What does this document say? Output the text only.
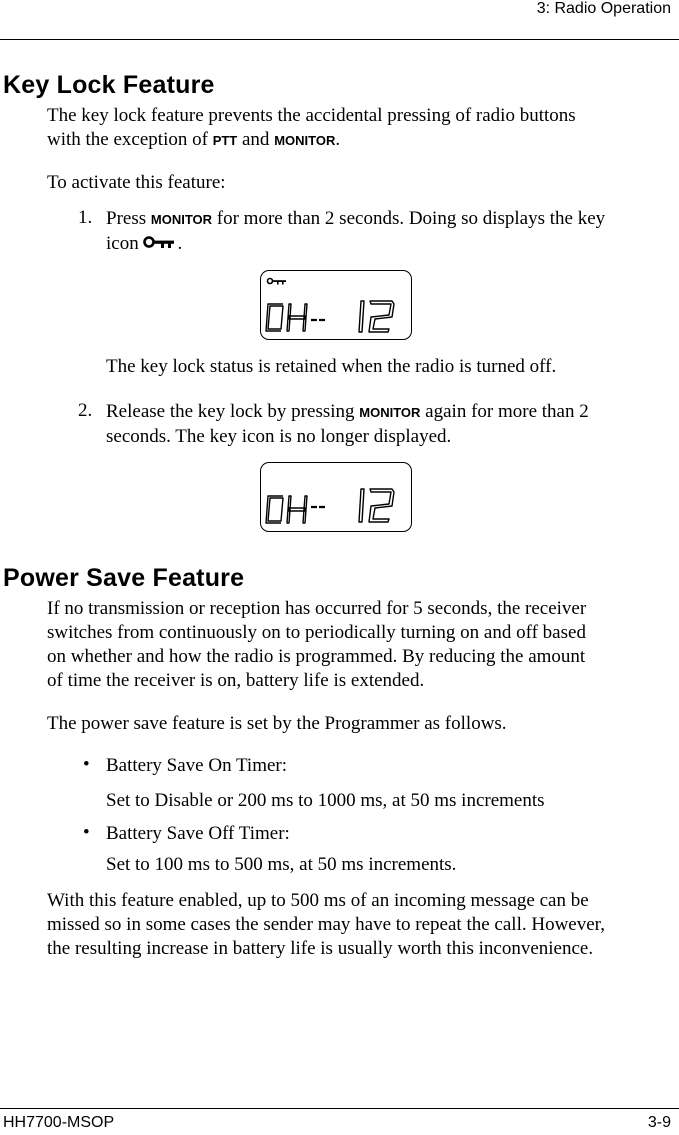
3: Radio Operation
Key Lock Feature
The key lock feature prevents the accidental pressing of radio buttons
with the exception of PTT and MONITOR.
To activate this feature:
1. Press MONITOR for more than 2 seconds. Doing so displays the key
icon .
The key lock status is retained when the radio is turned off.
2. Release the key lock by pressing MONITOR again for more than 2
seconds. The key icon is no longer displayed.
Power Save Feature
If no transmission or reception has occurred for 5 seconds, the receiver
switches from continuously on to periodically turning on and off based
on whether and how the radio is programmed. By reducing the amount
of time the receiver is on, battery life is extended.
The power save feature is set by the Programmer as follows.
• Battery Save On Timer:
Set to Disable or 200 ms to 1000 ms, at 50 ms increments
• Battery Save Off Timer:
Set to 100 ms to 500 ms, at 50 ms increments.
With this feature enabled, up to 500 ms of an incoming message can be
missed so in some cases the sender may have to repeat the call. However,
the resulting increase in battery life is usually worth this inconvenience.
HH7700-MSOP	3-9
